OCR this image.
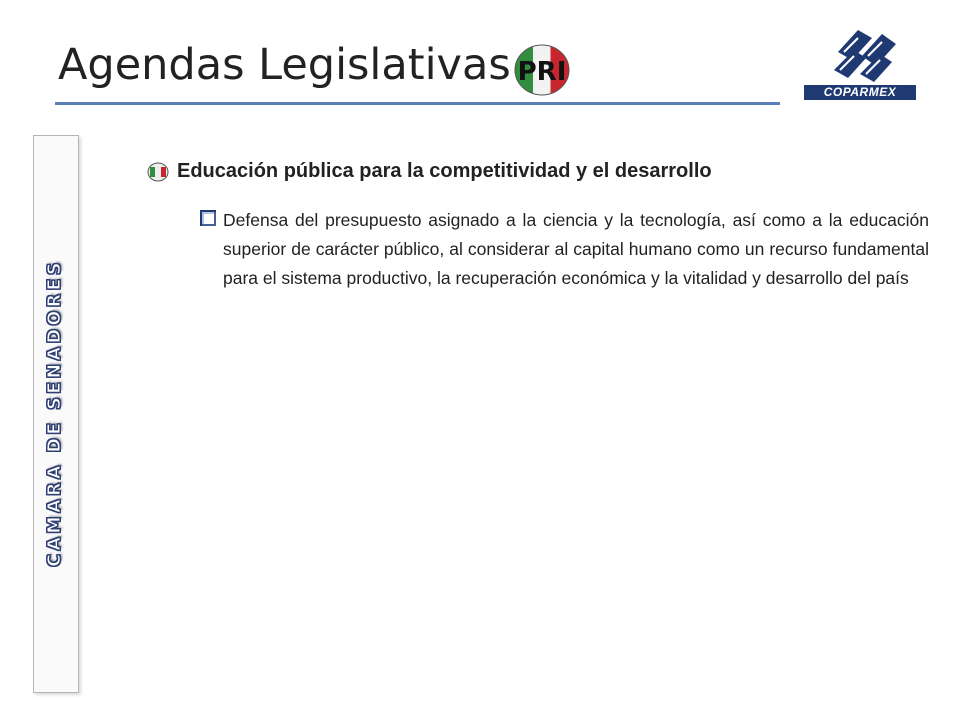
Agendas Legislativas PRI
COPARMEX
CAMARA DE SENADORES
Educación pública para la competitividad y el desarrollo
Defensa del presupuesto asignado a la ciencia y la tecnología, así como a la educación superior de carácter público, al considerar al capital humano como un recurso fundamental para el sistema productivo, la recuperación económica y la vitalidad y desarrollo del país
